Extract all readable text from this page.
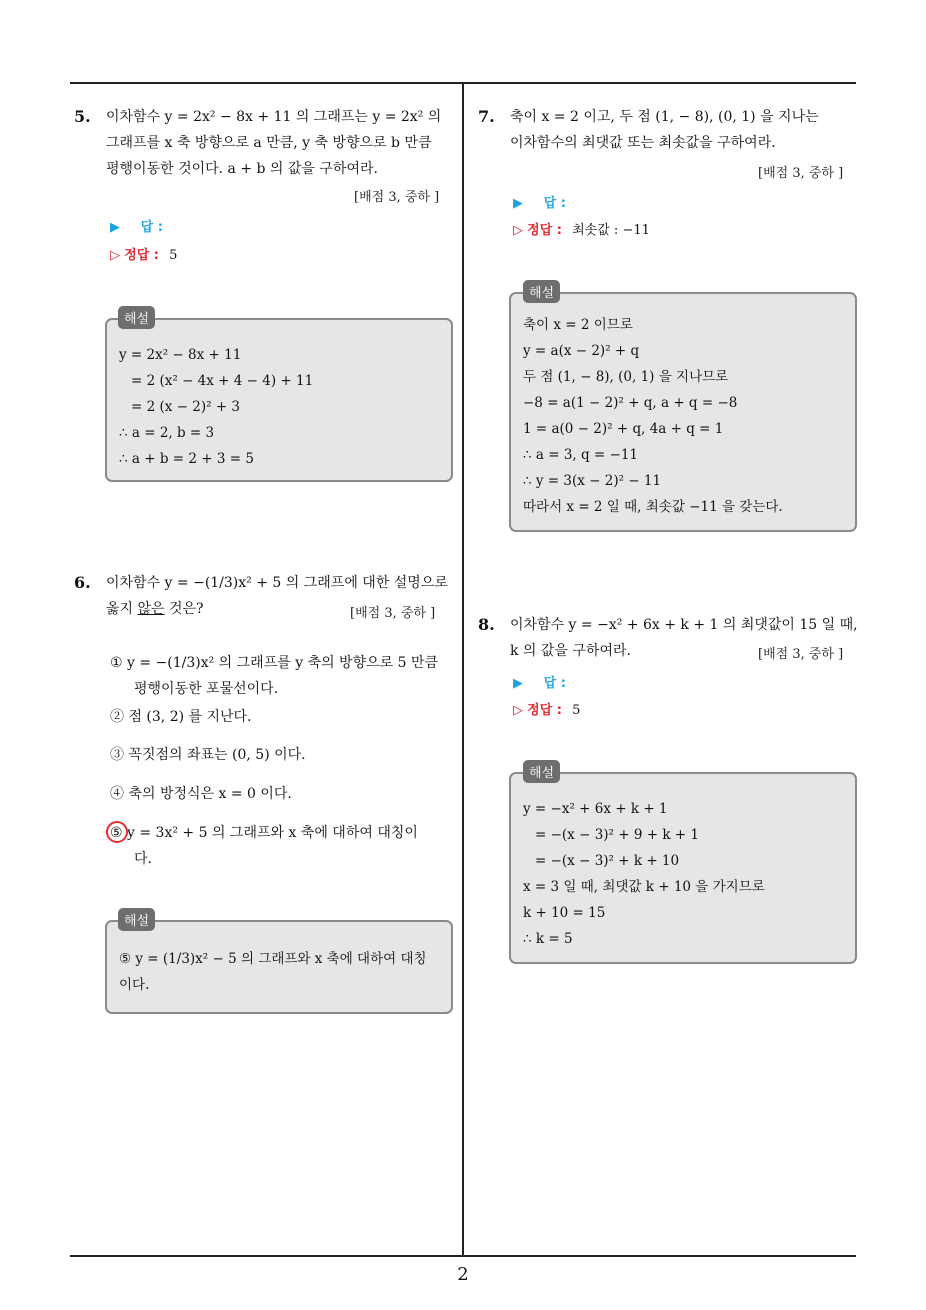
5. 이차함수 y = 2x² − 8x + 11 의 그래프는 y = 2x² 의
그래프를 x 축 방향으로 a 만큼, y 축 방향으로 b 만큼
평행이동한 것이다. a + b 의 값을 구하여라.
[배점 3, 중하 ]
▶ 답 :
▷ 정답 : 5
y = 2x² − 8x + 11
= 2 (x² − 4x + 4 − 4) + 11
= 2 (x − 2)² + 3
∴ a = 2, b = 3
∴ a + b = 2 + 3 = 5
해설
6. 이차함수 y = −(1/3)x² + 5 의 그래프에 대한 설명으로
옳지 않은 것은?	[배점 3, 중하 ]
① y = −(1/3)x² 의 그래프를 y 축의 방향으로 5 만큼
평행이동한 포물선이다.
② 점 (3, 2) 를 지난다.
③ 꼭짓점의 좌표는 (0, 5) 이다.
④ 축의 방정식은 x = 0 이다.
⑤ y = 3x² + 5 의 그래프와 x 축에 대하여 대칭이
다.
⑤ y = (1/3)x² − 5 의 그래프와 x 축에 대하여 대칭
이다.
해설
7. 축이 x = 2 이고, 두 점 (1, − 8), (0, 1) 을 지나는
이차함수의 최댓값 또는 최솟값을 구하여라.
[배점 3, 중하 ]
▶ 답 :
▷ 정답 : 최솟값 : −11
축이 x = 2 이므로
y = a(x − 2)² + q
두 점 (1, − 8), (0, 1) 을 지나므로
−8 = a(1 − 2)² + q, a + q = −8
1 = a(0 − 2)² + q, 4a + q = 1
∴ a = 3, q = −11
∴ y = 3(x − 2)² − 11
따라서 x = 2 일 때, 최솟값 −11 을 갖는다.
해설
8. 이차함수 y = −x² + 6x + k + 1 의 최댓값이 15 일 때,
k 의 값을 구하여라.	[배점 3, 중하 ]
▶ 답 :
▷ 정답 : 5
y = −x² + 6x + k + 1
= −(x − 3)² + 9 + k + 1
= −(x − 3)² + k + 10
x = 3 일 때, 최댓값 k + 10 을 가지므로
k + 10 = 15
∴ k = 5
해설
2
